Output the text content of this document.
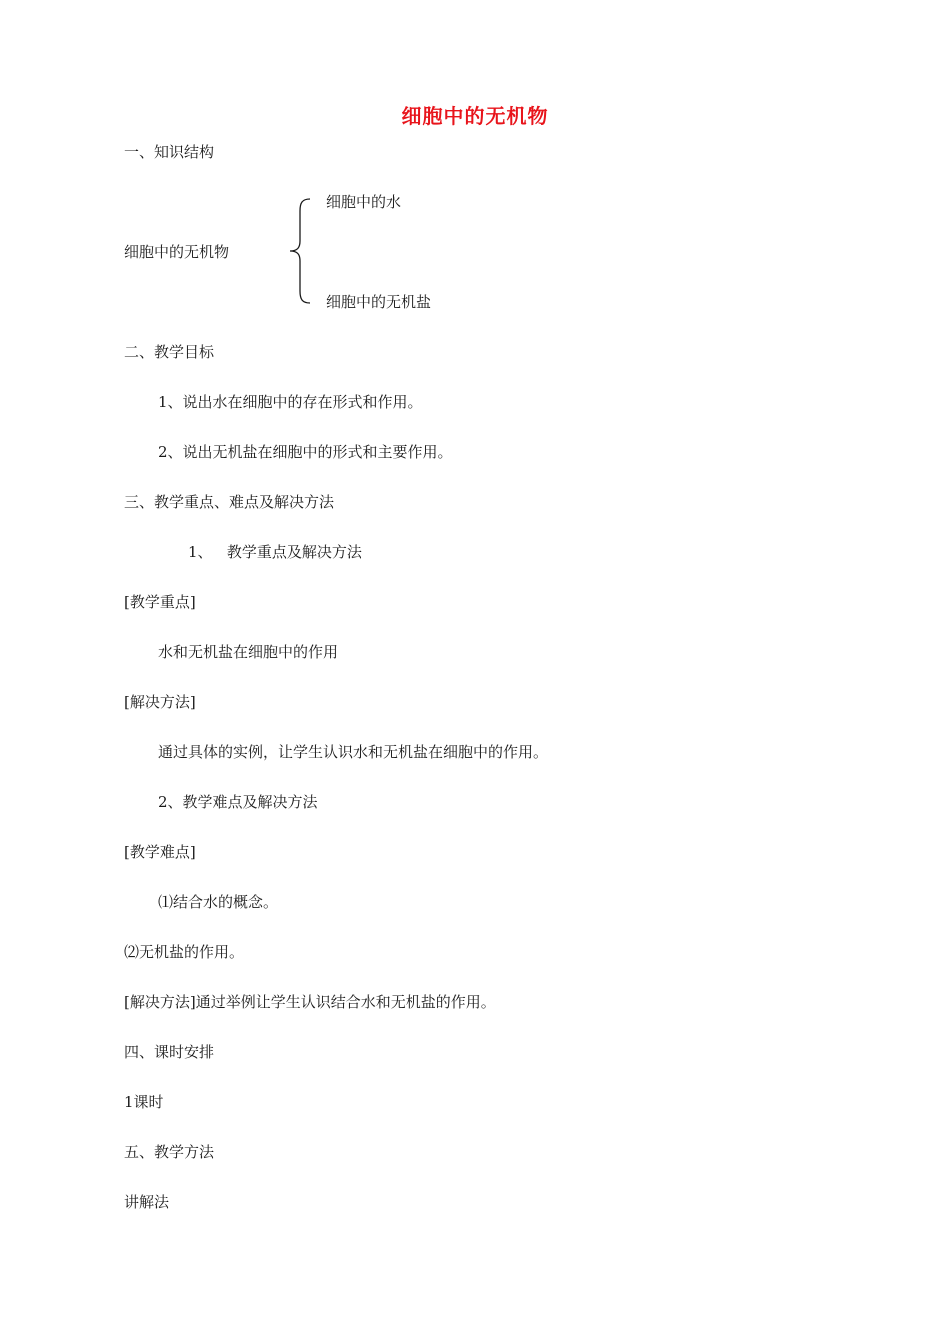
细胞中的无机物
一、知识结构
细胞中的水
细胞中的无机物
细胞中的无机盐
二、教学目标
1、说出水在细胞中的存在形式和作用。
2、说出无机盐在细胞中的形式和主要作用。
三、教学重点、难点及解决方法
1、   教学重点及解决方法
[教学重点]
水和无机盐在细胞中的作用
[解决方法]
通过具体的实例，让学生认识水和无机盐在细胞中的作用。
2、教学难点及解决方法
[教学难点]
⑴结合水的概念。
⑵无机盐的作用。
[解决方法]通过举例让学生认识结合水和无机盐的作用。
四、课时安排
1课时
五、教学方法
讲解法
